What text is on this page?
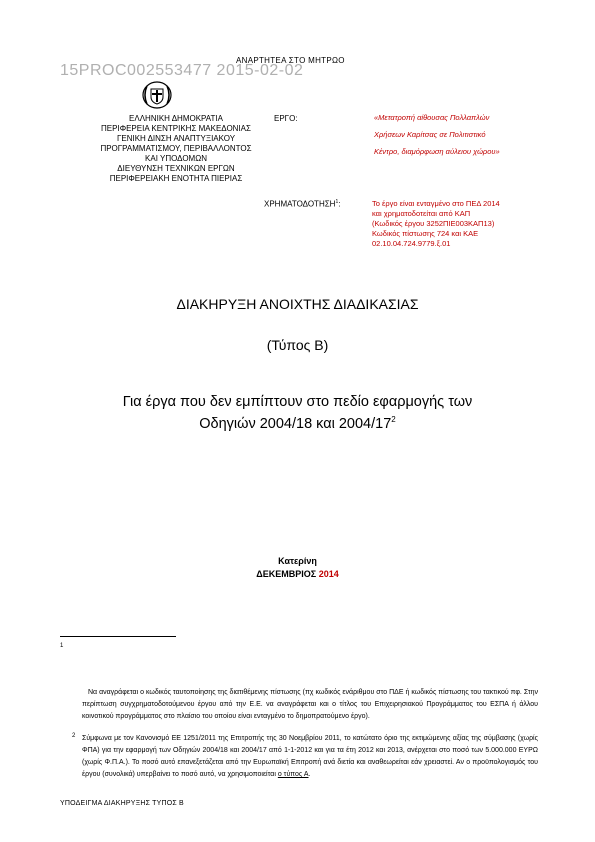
ΑΝΑΡΤΗΤΕΑ ΣΤΟ ΜΗΤΡΩΟ
15PROC002553477 2015-02-02
ΕΛΛΗΝΙΚΗ ΔΗΜΟΚΡΑΤΙΑ
ΠΕΡΙΦΕΡΕΙΑ ΚΕΝΤΡΙΚΗΣ ΜΑΚΕΔΟΝΙΑΣ
ΓΕΝΙΚΗ ΔΙΝΣΗ ΑΝΑΠΤΥΞΙΑΚΟΥ
ΠΡΟΓΡΑΜΜΑΤΙΣΜΟΥ, ΠΕΡΙΒΑΛΛΟΝΤΟΣ
ΚΑΙ ΥΠΟΔΟΜΩΝ
ΔΙΕΥΘΥΝΣΗ ΤΕΧΝΙΚΩΝ ΕΡΓΩΝ
ΠΕΡΙΦΕΡΕΙΑΚΗ ΕΝΟΤΗΤΑ ΠΙΕΡΙΑΣ
ΕΡΓΟ:	«Μετατροπή αίθουσας Πολλαπλών
Χρήσεων Καρίτσας σε Πολιτιστικό
Κέντρο, διαμόρφωση αύλειου χώρου»
ΧΡΗΜΑΤΟΔΟΤΗΣΗ$^1$:	Το έργο είναι ενταγμένο στο ΠΕΔ 2014
και χρηματοδοτείται από ΚΑΠ
(Κωδικός έργου 3252ΠΙΕ003ΚΑΠ13)
Κωδικός πίστωσης 724 και ΚΑΕ
02.10.04.724.9779.ξ.01
ΔΙΑΚΗΡΥΞΗ ΑΝΟΙΧΤΗΣ ΔΙΑΔΙΚΑΣΙΑΣ
(Τύπος Β)
Για έργα που δεν εμπίπτουν στο πεδίο εφαρμογής των
Οδηγιών 2004/18 και $2004/17^2$
Κατερίνη
ΔΕΚΕΜΒΡΙΟΣ 2014
1
Να αναγράφεται ο κωδικός ταυτοποίησης της διατιθέμενης πίστωσης (πχ κωδικός ενάριθμου στο ΠΔΕ ή κωδικός πίστωσης του τακτικού πφ. Στην περίπτωση συγχρηματοδοτούμενου έργου από την Ε.Ε. να αναγράφεται και ο τίτλος του Επιχειρησιακού Προγράμματος του ΕΣΠΑ ή άλλου κοινοτικού προγράμματος στο πλαίσιο του οποίου είναι ενταγμένο το δημοπρατούμενο έργο).
2 Σύμφωνα με τον Κανονισμό ΕΕ 1251/2011 της Επιτροπής της 30 Νοεμβρίου 2011, το κατώτατο όριο της εκτιμώμενης αξίας της σύμβασης (χωρίς ΦΠΑ) για την εφαρμογή των Οδηγιών 2004/18 και 2004/17 από 1-1-2012 και για τα έτη 2012 και 2013, ανέρχεται στο ποσό των 5.000.000 ΕΥΡΩ (χωρίς Φ.Π.Α.). Το ποσό αυτό επανεξετάζεται από την Ευρωπαϊκή Επιτροπή ανά διετία και αναθεωρείται εάν χρειαστεί. Αν ο προϋπολογισμός του έργου (συνολικά) υπερβαίνει το ποσό αυτό, να χρησιμοποιείται ο τύπος Α.
ΥΠΟΔΕΙΓΜΑ ΔΙΑΚΗΡΥΞΗΣ ΤΥΠΟΣ Β
